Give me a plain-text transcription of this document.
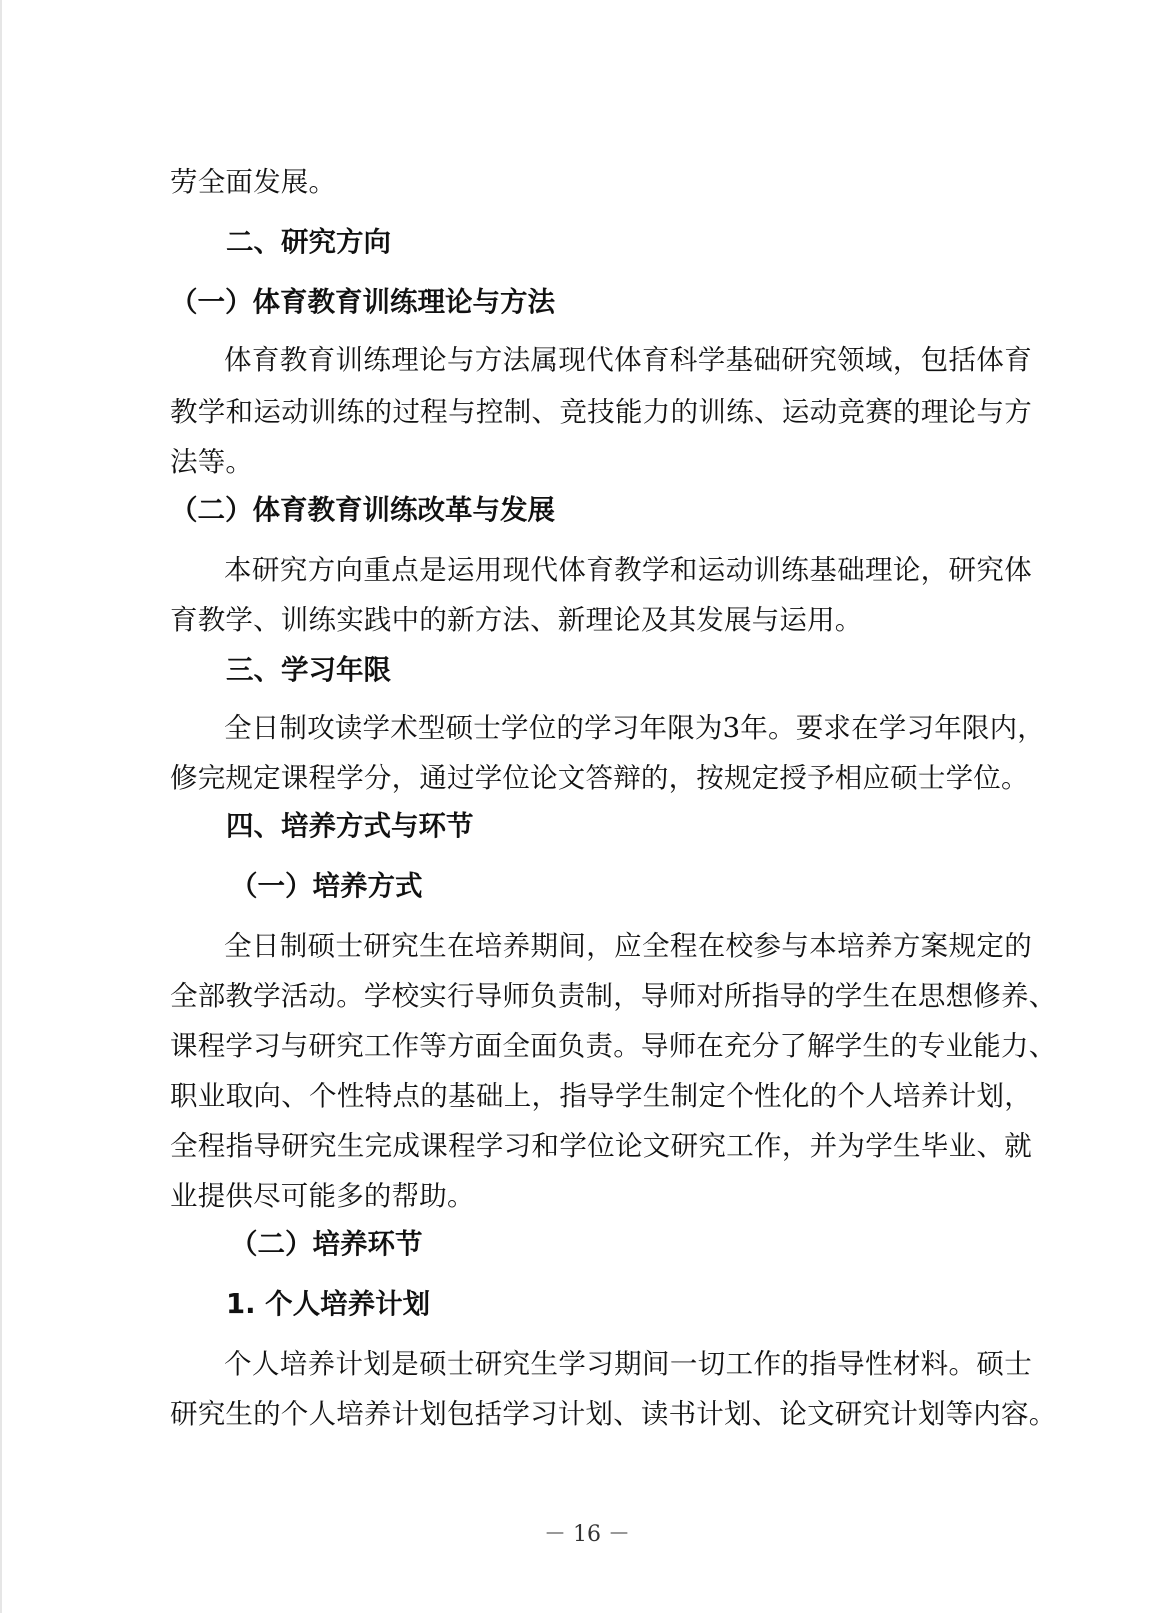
劳全面发展。
二、研究方向
（一）体育教育训练理论与方法
体育教育训练理论与方法属现代体育科学基础研究领域，包括体育
教学和运动训练的过程与控制、竞技能力的训练、运动竞赛的理论与方
法等。
（二）体育教育训练改革与发展
本研究方向重点是运用现代体育教学和运动训练基础理论，研究体
育教学、训练实践中的新方法、新理论及其发展与运用。
三、学习年限
全日制攻读学术型硕士学位的学习年限为3年。要求在学习年限内，
修完规定课程学分，通过学位论文答辩的，按规定授予相应硕士学位。
四、培养方式与环节
（一）培养方式
全日制硕士研究生在培养期间，应全程在校参与本培养方案规定的
全部教学活动。学校实行导师负责制，导师对所指导的学生在思想修养、
课程学习与研究工作等方面全面负责。导师在充分了解学生的专业能力、
职业取向、个性特点的基础上，指导学生制定个性化的个人培养计划，
全程指导研究生完成课程学习和学位论文研究工作，并为学生毕业、就
业提供尽可能多的帮助。
（二）培养环节
1. 个人培养计划
个人培养计划是硕士研究生学习期间一切工作的指导性材料。硕士
研究生的个人培养计划包括学习计划、读书计划、论文研究计划等内容。
－ 16 －
